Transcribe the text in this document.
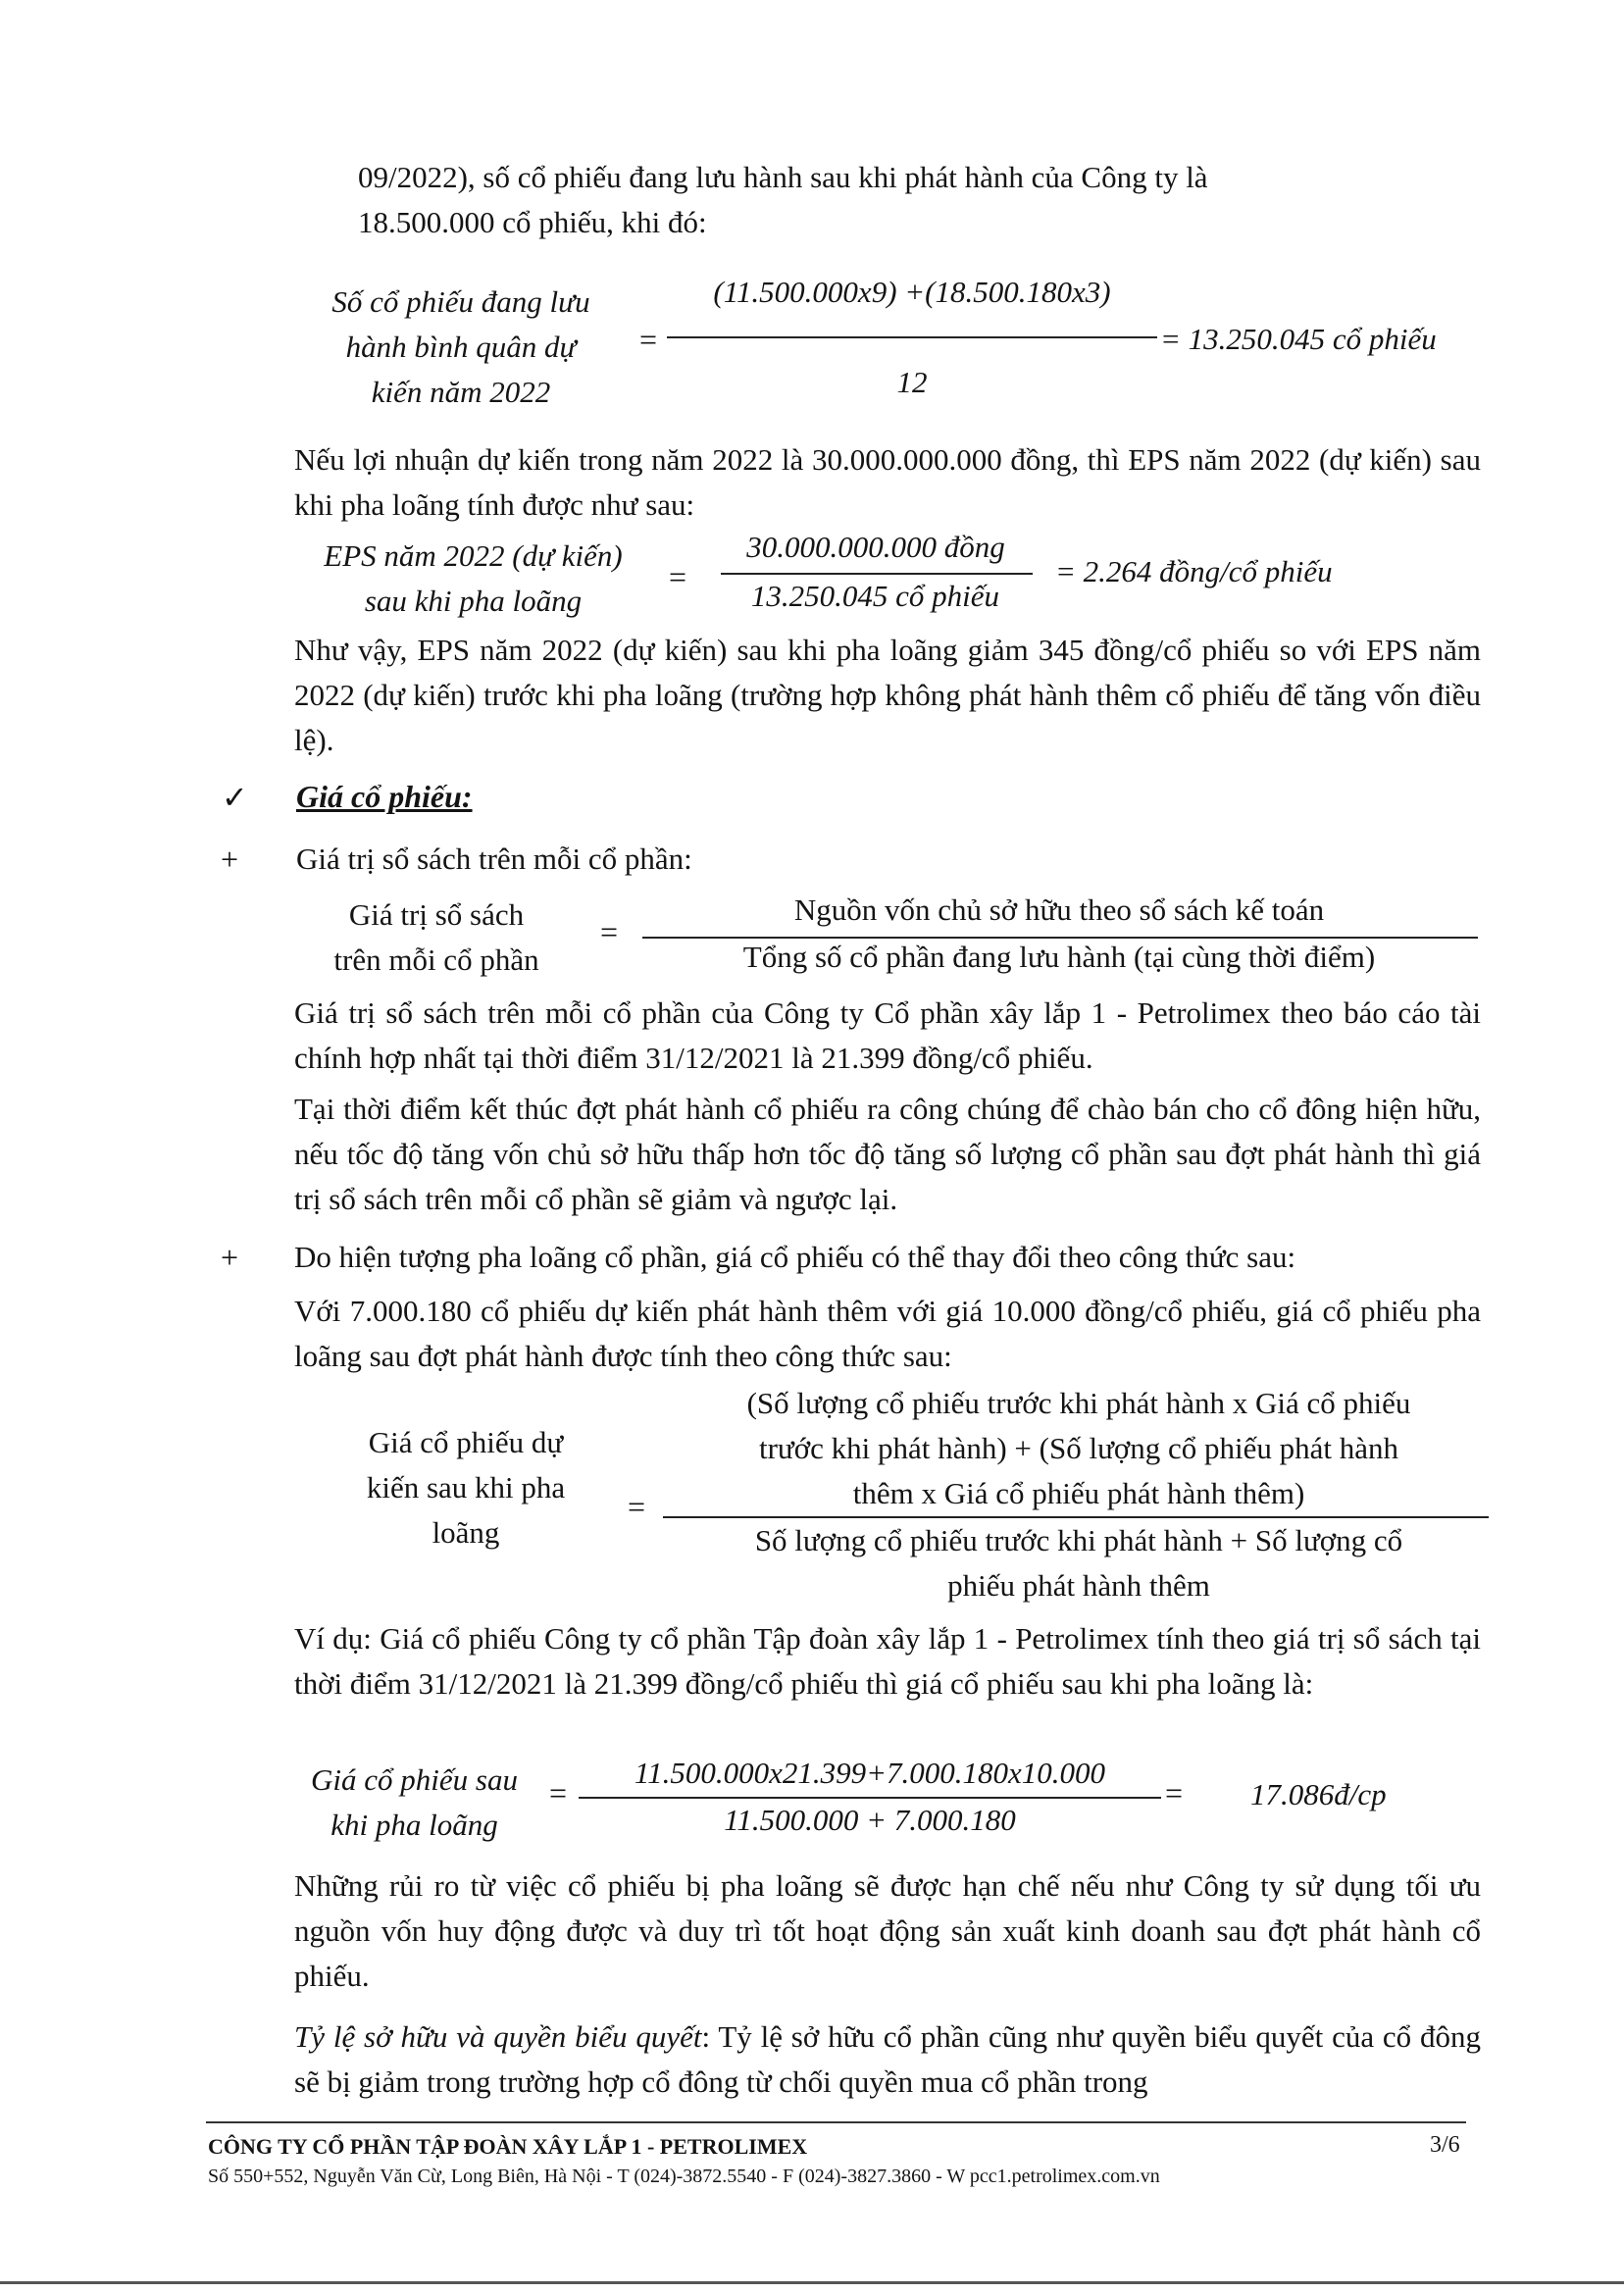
09/2022), số cổ phiếu đang lưu hành sau khi phát hành của Công ty là
18.500.000 cổ phiếu, khi đó:
Số cổ phiếu đang lưu
hành bình quân dự
kiến năm 2022
=
(11.500.000x9) +(18.500.180x3)
12
= 13.250.045 cổ phiếu
Nếu lợi nhuận dự kiến trong năm 2022 là 30.000.000.000 đồng, thì EPS năm 2022 (dự kiến) sau khi pha loãng tính được như sau:
EPS năm 2022 (dự kiến)
sau khi pha loãng
=
30.000.000.000 đồng
13.250.045 cổ phiếu
= 2.264 đồng/cổ phiếu
Như vậy, EPS năm 2022 (dự kiến) sau khi pha loãng giảm 345 đồng/cổ phiếu so với EPS năm 2022 (dự kiến) trước khi pha loãng (trường hợp không phát hành thêm cổ phiếu để tăng vốn điều lệ).
✓ Giá cổ phiếu:
+ Giá trị sổ sách trên mỗi cổ phần:
Giá trị sổ sách
trên mỗi cổ phần
=
Nguồn vốn chủ sở hữu theo sổ sách kế toán
Tổng số cổ phần đang lưu hành (tại cùng thời điểm)
Giá trị sổ sách trên mỗi cổ phần của Công ty Cổ phần xây lắp 1 - Petrolimex theo báo cáo tài chính hợp nhất tại thời điểm 31/12/2021 là 21.399 đồng/cổ phiếu.
Tại thời điểm kết thúc đợt phát hành cổ phiếu ra công chúng để chào bán cho cổ đông hiện hữu, nếu tốc độ tăng vốn chủ sở hữu thấp hơn tốc độ tăng số lượng cổ phần sau đợt phát hành thì giá trị sổ sách trên mỗi cổ phần sẽ giảm và ngược lại.
+ Do hiện tượng pha loãng cổ phần, giá cổ phiếu có thể thay đổi theo công thức sau:
Với 7.000.180 cổ phiếu dự kiến phát hành thêm với giá 10.000 đồng/cổ phiếu, giá cổ phiếu pha loãng sau đợt phát hành được tính theo công thức sau:
Giá cổ phiếu dự
kiến sau khi pha
loãng
=
(Số lượng cổ phiếu trước khi phát hành x Giá cổ phiếu
trước khi phát hành) + (Số lượng cổ phiếu phát hành
thêm x Giá cổ phiếu phát hành thêm)
Số lượng cổ phiếu trước khi phát hành + Số lượng cổ
phiếu phát hành thêm
Ví dụ: Giá cổ phiếu Công ty cổ phần Tập đoàn xây lắp 1 - Petrolimex tính theo giá trị sổ sách tại thời điểm 31/12/2021 là 21.399 đồng/cổ phiếu thì giá cổ phiếu sau khi pha loãng là:
Giá cổ phiếu sau
khi pha loãng
=
11.500.000x21.399+7.000.180x10.000
11.500.000 + 7.000.180
= 17.086đ/cp
Những rủi ro từ việc cổ phiếu bị pha loãng sẽ được hạn chế nếu như Công ty sử dụng tối ưu nguồn vốn huy động được và duy trì tốt hoạt động sản xuất kinh doanh sau đợt phát hành cổ phiếu.
Tỷ lệ sở hữu và quyền biểu quyết: Tỷ lệ sở hữu cổ phần cũng như quyền biểu quyết của cổ đông sẽ bị giảm trong trường hợp cổ đông từ chối quyền mua cổ phần trong
CÔNG TY CỔ PHẦN TẬP ĐOÀN XÂY LẮP 1 - PETROLIMEX	3/6
Số 550+552, Nguyễn Văn Cừ, Long Biên, Hà Nội - T (024)-3872.5540 - F (024)-3827.3860 - W pcc1.petrolimex.com.vn
